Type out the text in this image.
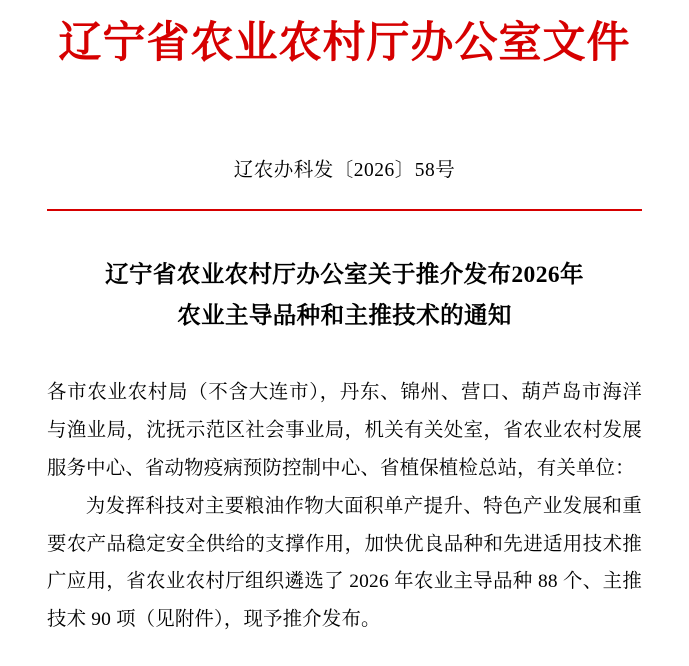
辽宁省农业农村厅办公室文件
辽农办科发〔2026〕58号
辽宁省农业农村厅办公室关于推介发布2026年
农业主导品种和主推技术的通知

各市农业农村局（不含大连市），丹东、锦州、营口、葫芦岛市海洋与渔业局，沈抚示范区社会事业局，机关有关处室，省农业农村发展服务中心、省动物疫病预防控制中心、省植保植检总站，有关单位：

为发挥科技对主要粮油作物大面积单产提升、特色产业发展和重要农产品稳定安全供给的支撑作用，加快优良品种和先进适用技术推广应用，省农业农村厅组织遴选了 2026 年农业主导品种 88 个、主推技术 90 项（见附件），现予推介发布。
